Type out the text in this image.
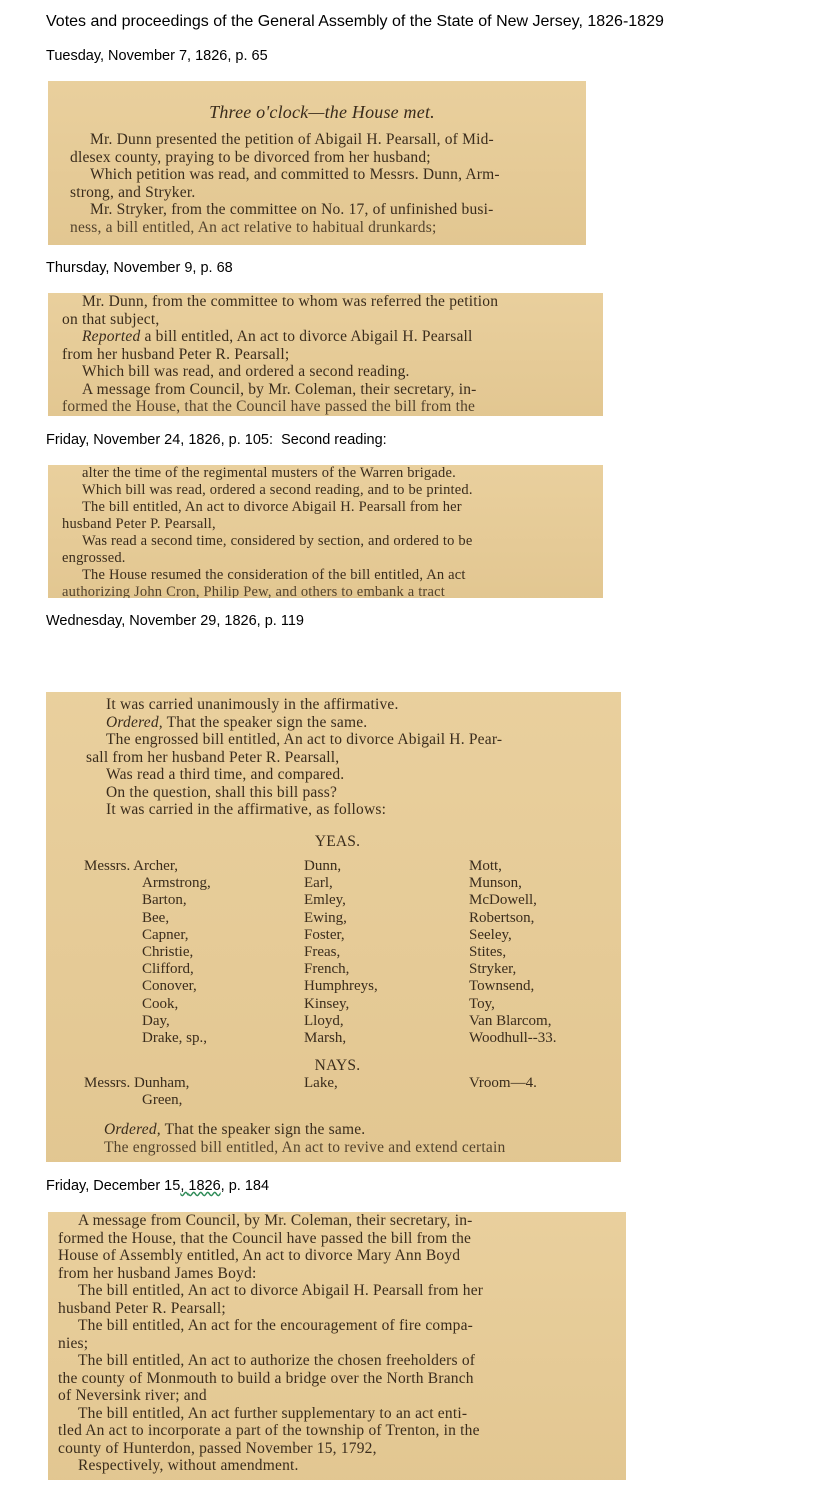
Votes and proceedings of the General Assembly of the State of New Jersey, 1826-1829
Tuesday, November 7, 1826, p. 65

Three o'clock—the House met.

Mr. Dunn presented the petition of Abigail H. Pearsall, of Mid-

dlesex county, praying to be divorced from her husband;

Which petition was read, and committed to Messrs. Dunn, Arm-

strong, and Stryker.

Mr. Stryker, from the committee on No. 17, of unfinished busi-

ness, a bill entitled, An act relative to habitual drunkards;

Thursday, November 9, p. 68

Mr. Dunn, from the committee to whom was referred the petition

on that subject,

Reported a bill entitled, An act to divorce Abigail H. Pearsall

from her husband Peter R. Pearsall;

Which bill was read, and ordered a second reading.

A message from Council, by Mr. Coleman, their secretary, in-

formed the House, that the Council have passed the bill from the

Friday, November 24, 1826, p. 105: Second reading:

alter the time of the regimental musters of the Warren brigade.

Which bill was read, ordered a second reading, and to be printed.

The bill entitled, An act to divorce Abigail H. Pearsall from her

husband Peter P. Pearsall,

Was read a second time, considered by section, and ordered to be

engrossed.

The House resumed the consideration of the bill entitled, An act

authorizing John Cron, Philip Pew, and others to embank a tract

Wednesday, November 29, 1826, p. 119

It was carried unanimously in the affirmative.

Ordered, That the speaker sign the same.

The engrossed bill entitled, An act to divorce Abigail H. Pear-

sall from her husband Peter R. Pearsall,

Was read a third time, and compared.

On the question, shall this bill pass?

It was carried in the affirmative, as follows:

YEAS.

Messrs. Archer,
Armstrong,
Barton,
Bee,
Capner,
Christie,
Clifford,
Conover,
Cook,
Day,
Drake, sp.,
Dunn,
Earl,
Emley,
Ewing,
Foster,
Freas,
French,
Humphreys,
Kinsey,
Lloyd,
Marsh,
Mott,
Munson,
McDowell,
Robertson,
Seeley,
Stites,
Stryker,
Townsend,
Toy,
Van Blarcom,
Woodhull--33.

NAYS.

Messrs. Dunham,
Green,
Lake,	Vroom—4.

Ordered, That the speaker sign the same.

The engrossed bill entitled, An act to revive and extend certain

Friday, December 15, 1826, p. 184

A message from Council, by Mr. Coleman, their secretary, in-

formed the House, that the Council have passed the bill from the

House of Assembly entitled, An act to divorce Mary Ann Boyd

from her husband James Boyd:

The bill entitled, An act to divorce Abigail H. Pearsall from her

husband Peter R. Pearsall;

The bill entitled, An act for the encouragement of fire compa-

nies;

The bill entitled, An act to authorize the chosen freeholders of

the county of Monmouth to build a bridge over the North Branch

of Neversink river; and

The bill entitled, An act further supplementary to an act enti-

tled An act to incorporate a part of the township of Trenton, in the

county of Hunterdon, passed November 15, 1792,

Respectively, without amendment.
